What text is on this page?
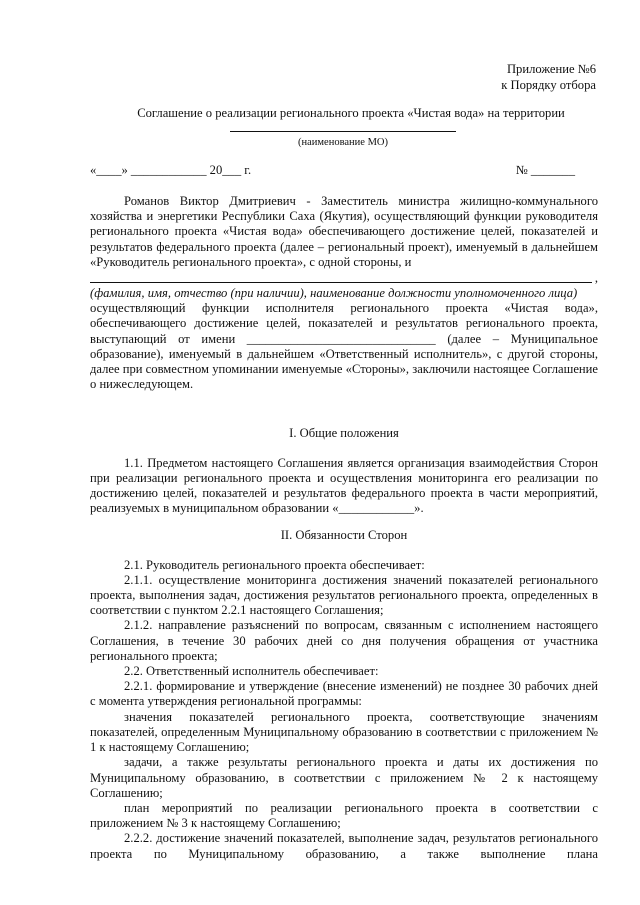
Приложение №6
к Порядку отбора
Соглашение о реализации регионального проекта «Чистая вода» на территории
(наименование МО)
«____» ____________ 20___ г.	№ _______

Романов Виктор Дмитриевич - Заместитель министра жилищно-коммунального хозяйства и энергетики Республики Саха (Якутия), осуществляющий функции руководителя регионального проекта «Чистая вода» обеспечивающего достижение целей, показателей и результатов федерального проекта (далее – региональный проект), именуемый в дальнейшем «Руководитель регионального проекта», с одной стороны, и

,

(фамилия, имя, отчество (при наличии), наименование должности уполномоченного лица)

осуществляющий функции исполнителя регионального проекта «Чистая вода», обеспечивающего достижение целей, показателей и результатов регионального проекта, выступающий от имени ______________________________ (далее – Муниципальное образование), именуемый в дальнейшем «Ответственный исполнитель», с другой стороны, далее при совместном упоминании именуемые «Стороны», заключили настоящее Соглашение о нижеследующем.

I. Общие положения

1.1. Предметом настоящего Соглашения является организация взаимодействия Сторон при реализации регионального проекта и осуществления мониторинга его реализации по достижению целей, показателей и результатов федерального проекта в части мероприятий, реализуемых в муниципальном образовании «____________».

II. Обязанности Сторон

2.1. Руководитель регионального проекта обеспечивает:

2.1.1. осуществление мониторинга достижения значений показателей регионального проекта, выполнения задач, достижения результатов регионального проекта, определенных в соответствии с пунктом 2.2.1 настоящего Соглашения;

2.1.2. направление разъяснений по вопросам, связанным с исполнением настоящего Соглашения, в течение 30 рабочих дней со дня получения обращения от участника регионального проекта;

2.2. Ответственный исполнитель обеспечивает:

2.2.1. формирование и утверждение (внесение изменений) не позднее 30 рабочих дней с момента утверждения региональной программы:

значения показателей регионального проекта, соответствующие значениям показателей, определенным Муниципальному образованию в соответствии с приложением № 1 к настоящему Соглашению;

задачи, а также результаты регионального проекта и даты их достижения по Муниципальному образованию, в соответствии с приложением № 2 к настоящему Соглашению;

план мероприятий по реализации регионального проекта в соответствии с приложением № 3 к настоящему Соглашению;

2.2.2. достижение значений показателей, выполнение задач, результатов регионального проекта по Муниципальному образованию, а также выполнение плана
